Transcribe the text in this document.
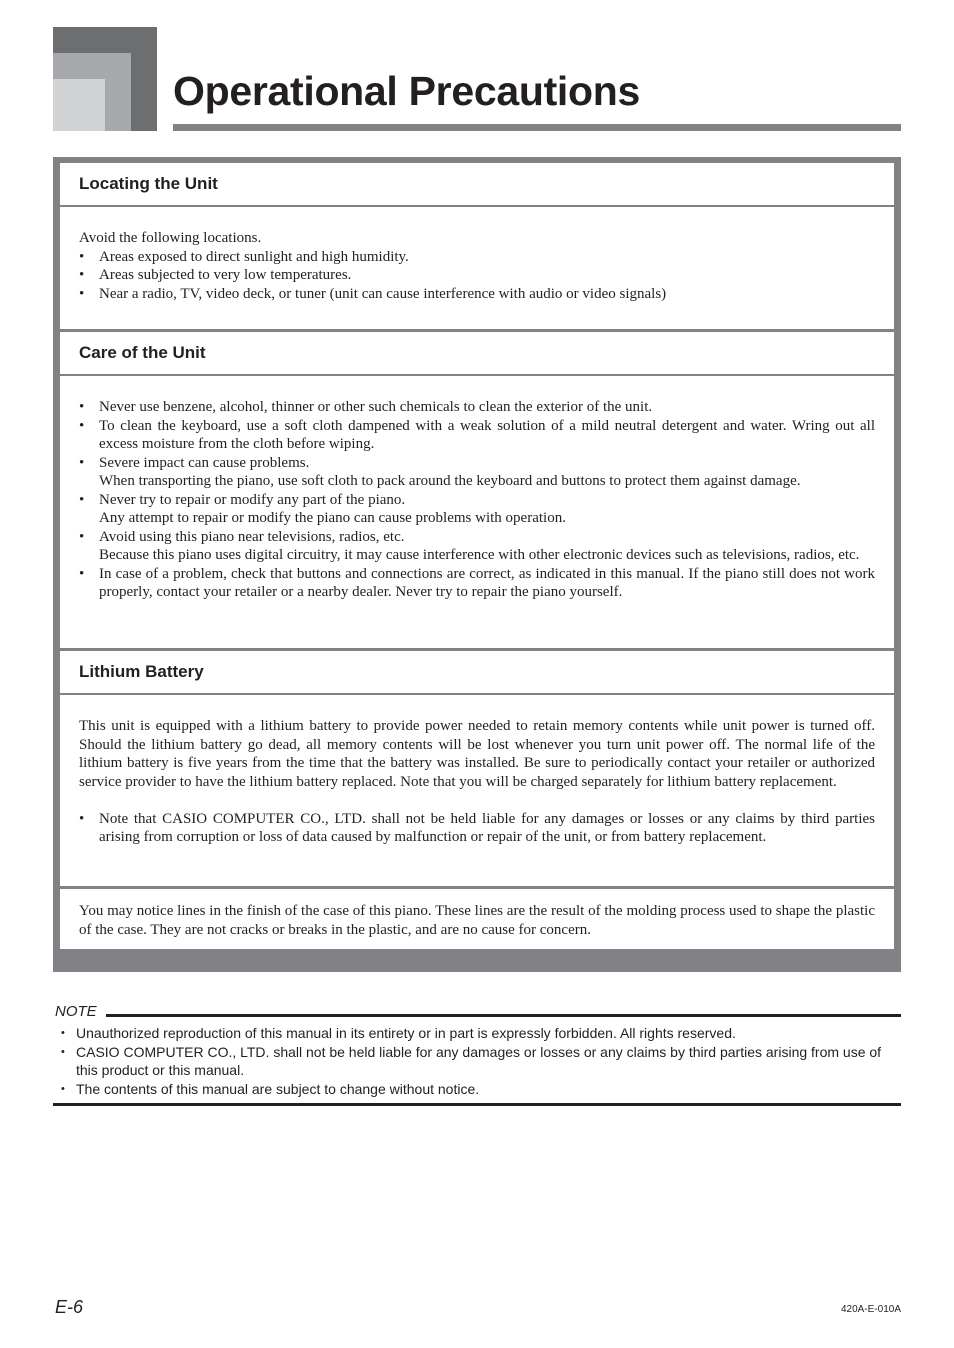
Operational Precautions
Locating the Unit

Avoid the following locations.

• Areas exposed to direct sunlight and high humidity.
• Areas subjected to very low temperatures.
• Near a radio, TV, video deck, or tuner (unit can cause interference with audio or video signals)
Care of the Unit
• Never use benzene, alcohol, thinner or other such chemicals to clean the exterior of the unit.
• To clean the keyboard, use a soft cloth dampened with a weak solution of a mild neutral detergent and water. Wring out all excess moisture from the cloth before wiping.
• Severe impact can cause problems.
When transporting the piano, use soft cloth to pack around the keyboard and buttons to protect them against damage.
• Never try to repair or modify any part of the piano.
Any attempt to repair or modify the piano can cause problems with operation.
• Avoid using this piano near televisions, radios, etc.
Because this piano uses digital circuitry, it may cause interference with other electronic devices such as televisions, radios, etc.
• In case of a problem, check that buttons and connections are correct, as indicated in this manual. If the piano still does not work properly, contact your retailer or a nearby dealer. Never try to repair the piano yourself.
Lithium Battery

This unit is equipped with a lithium battery to provide power needed to retain memory contents while unit power is turned off. Should the lithium battery go dead, all memory contents will be lost whenever you turn unit power off. The normal life of the lithium battery is five years from the time that the battery was installed. Be sure to periodically contact your retailer or authorized service provider to have the lithium battery replaced. Note that you will be charged separately for lithium battery replacement.

• Note that CASIO COMPUTER CO., LTD. shall not be held liable for any damages or losses or any claims by third parties arising from corruption or loss of data caused by malfunction or repair of the unit, or from battery replacement.

You may notice lines in the finish of the case of this piano. These lines are the result of the molding process used to shape the plastic of the case. They are not cracks or breaks in the plastic, and are no cause for concern.

NOTE
• Unauthorized reproduction of this manual in its entirety or in part is expressly forbidden. All rights reserved.
• CASIO COMPUTER CO., LTD. shall not be held liable for any damages or losses or any claims by third parties arising from use of this product or this manual.
• The contents of this manual are subject to change without notice.
E-6	420A-E-010A
